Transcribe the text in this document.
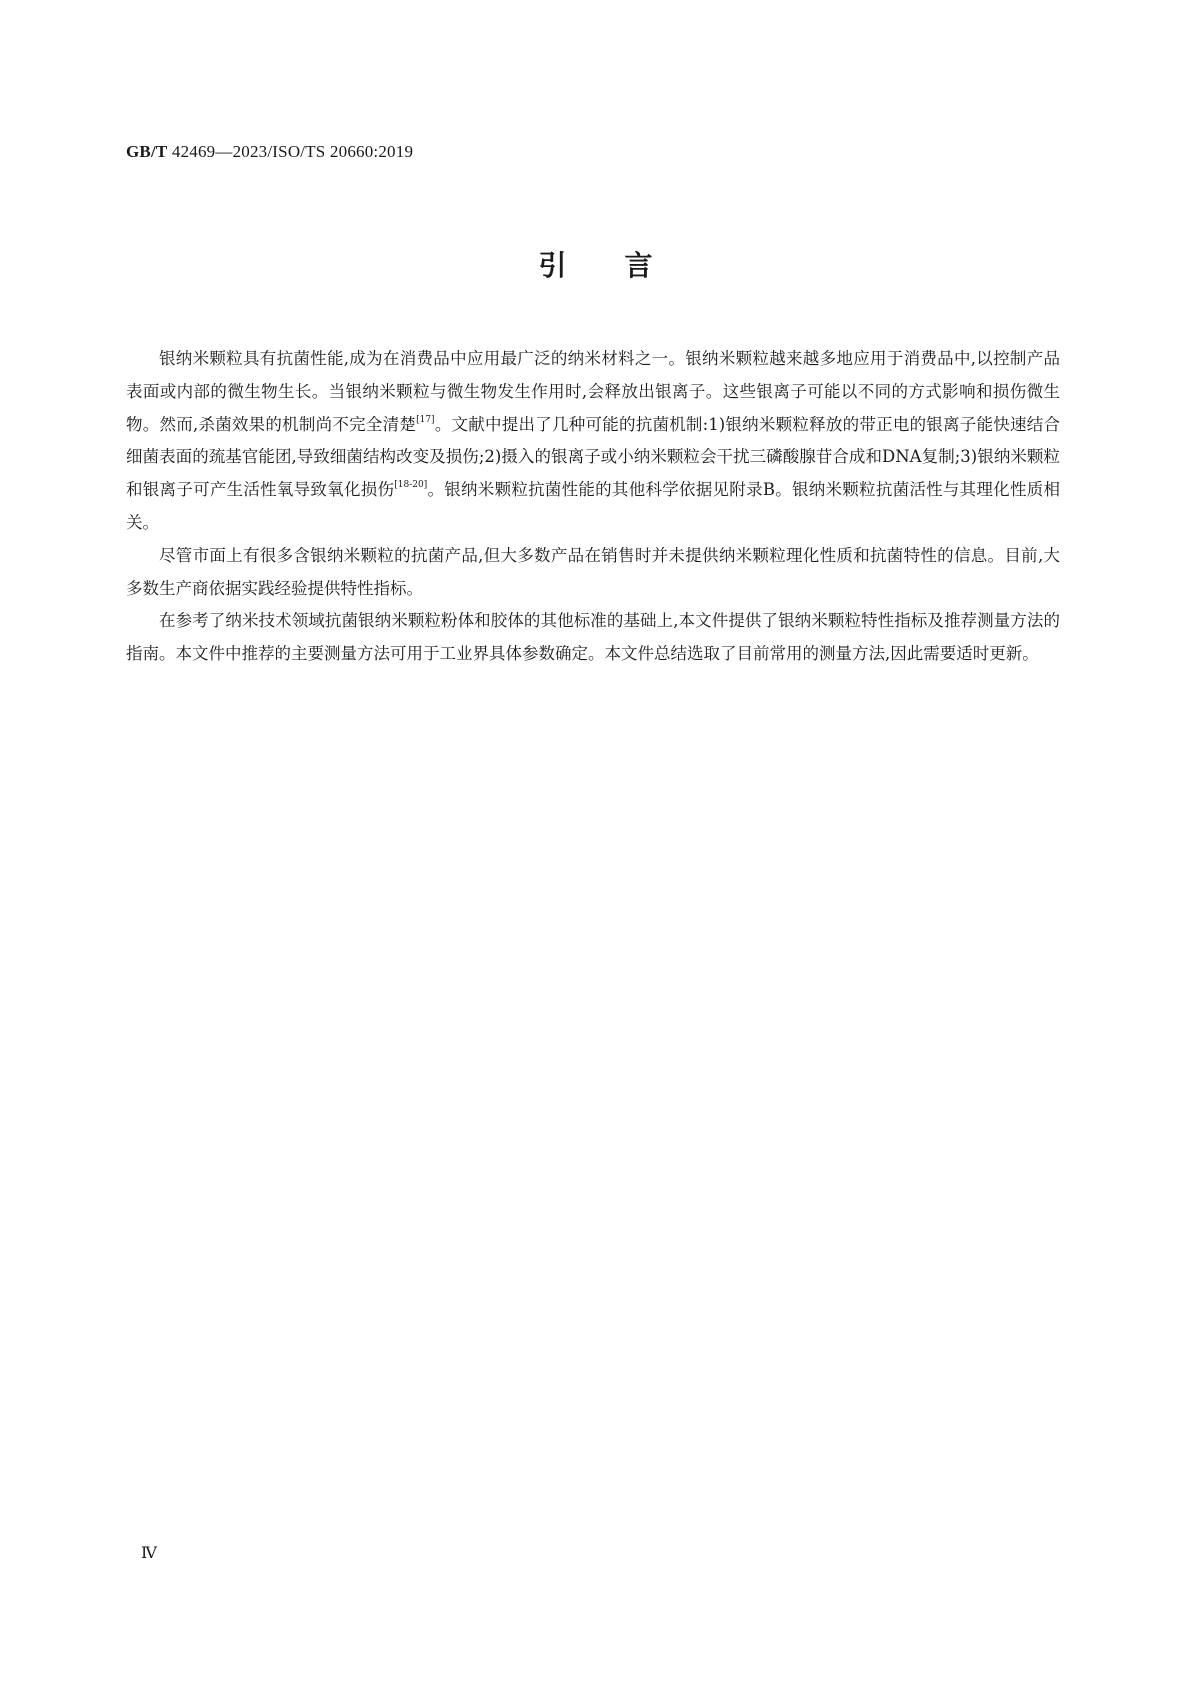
GB/T 42469—2023/ISO/TS 20660:2019
引言

银纳米颗粒具有抗菌性能,成为在消费品中应用最广泛的纳米材料之一。银纳米颗粒越来越多地应用于消费品中,以控制产品表面或内部的微生物生长。当银纳米颗粒与微生物发生作用时,会释放出银离子。这些银离子可能以不同的方式影响和损伤微生物。然而,杀菌效果的机制尚不完全清楚[17]。文献中提出了几种可能的抗菌机制:1)银纳米颗粒释放的带正电的银离子能快速结合细菌表面的巯基官能团,导致细菌结构改变及损伤;2)摄入的银离子或小纳米颗粒会干扰三磷酸腺苷合成和DNA复制;3)银纳米颗粒和银离子可产生活性氧导致氧化损伤[18-20]。银纳米颗粒抗菌性能的其他科学依据见附录B。银纳米颗粒抗菌活性与其理化性质相关。

尽管市面上有很多含银纳米颗粒的抗菌产品,但大多数产品在销售时并未提供纳米颗粒理化性质和抗菌特性的信息。目前,大多数生产商依据实践经验提供特性指标。

在参考了纳米技术领域抗菌银纳米颗粒粉体和胶体的其他标准的基础上,本文件提供了银纳米颗粒特性指标及推荐测量方法的指南。本文件中推荐的主要测量方法可用于工业界具体参数确定。本文件总结选取了目前常用的测量方法,因此需要适时更新。

Ⅳ
